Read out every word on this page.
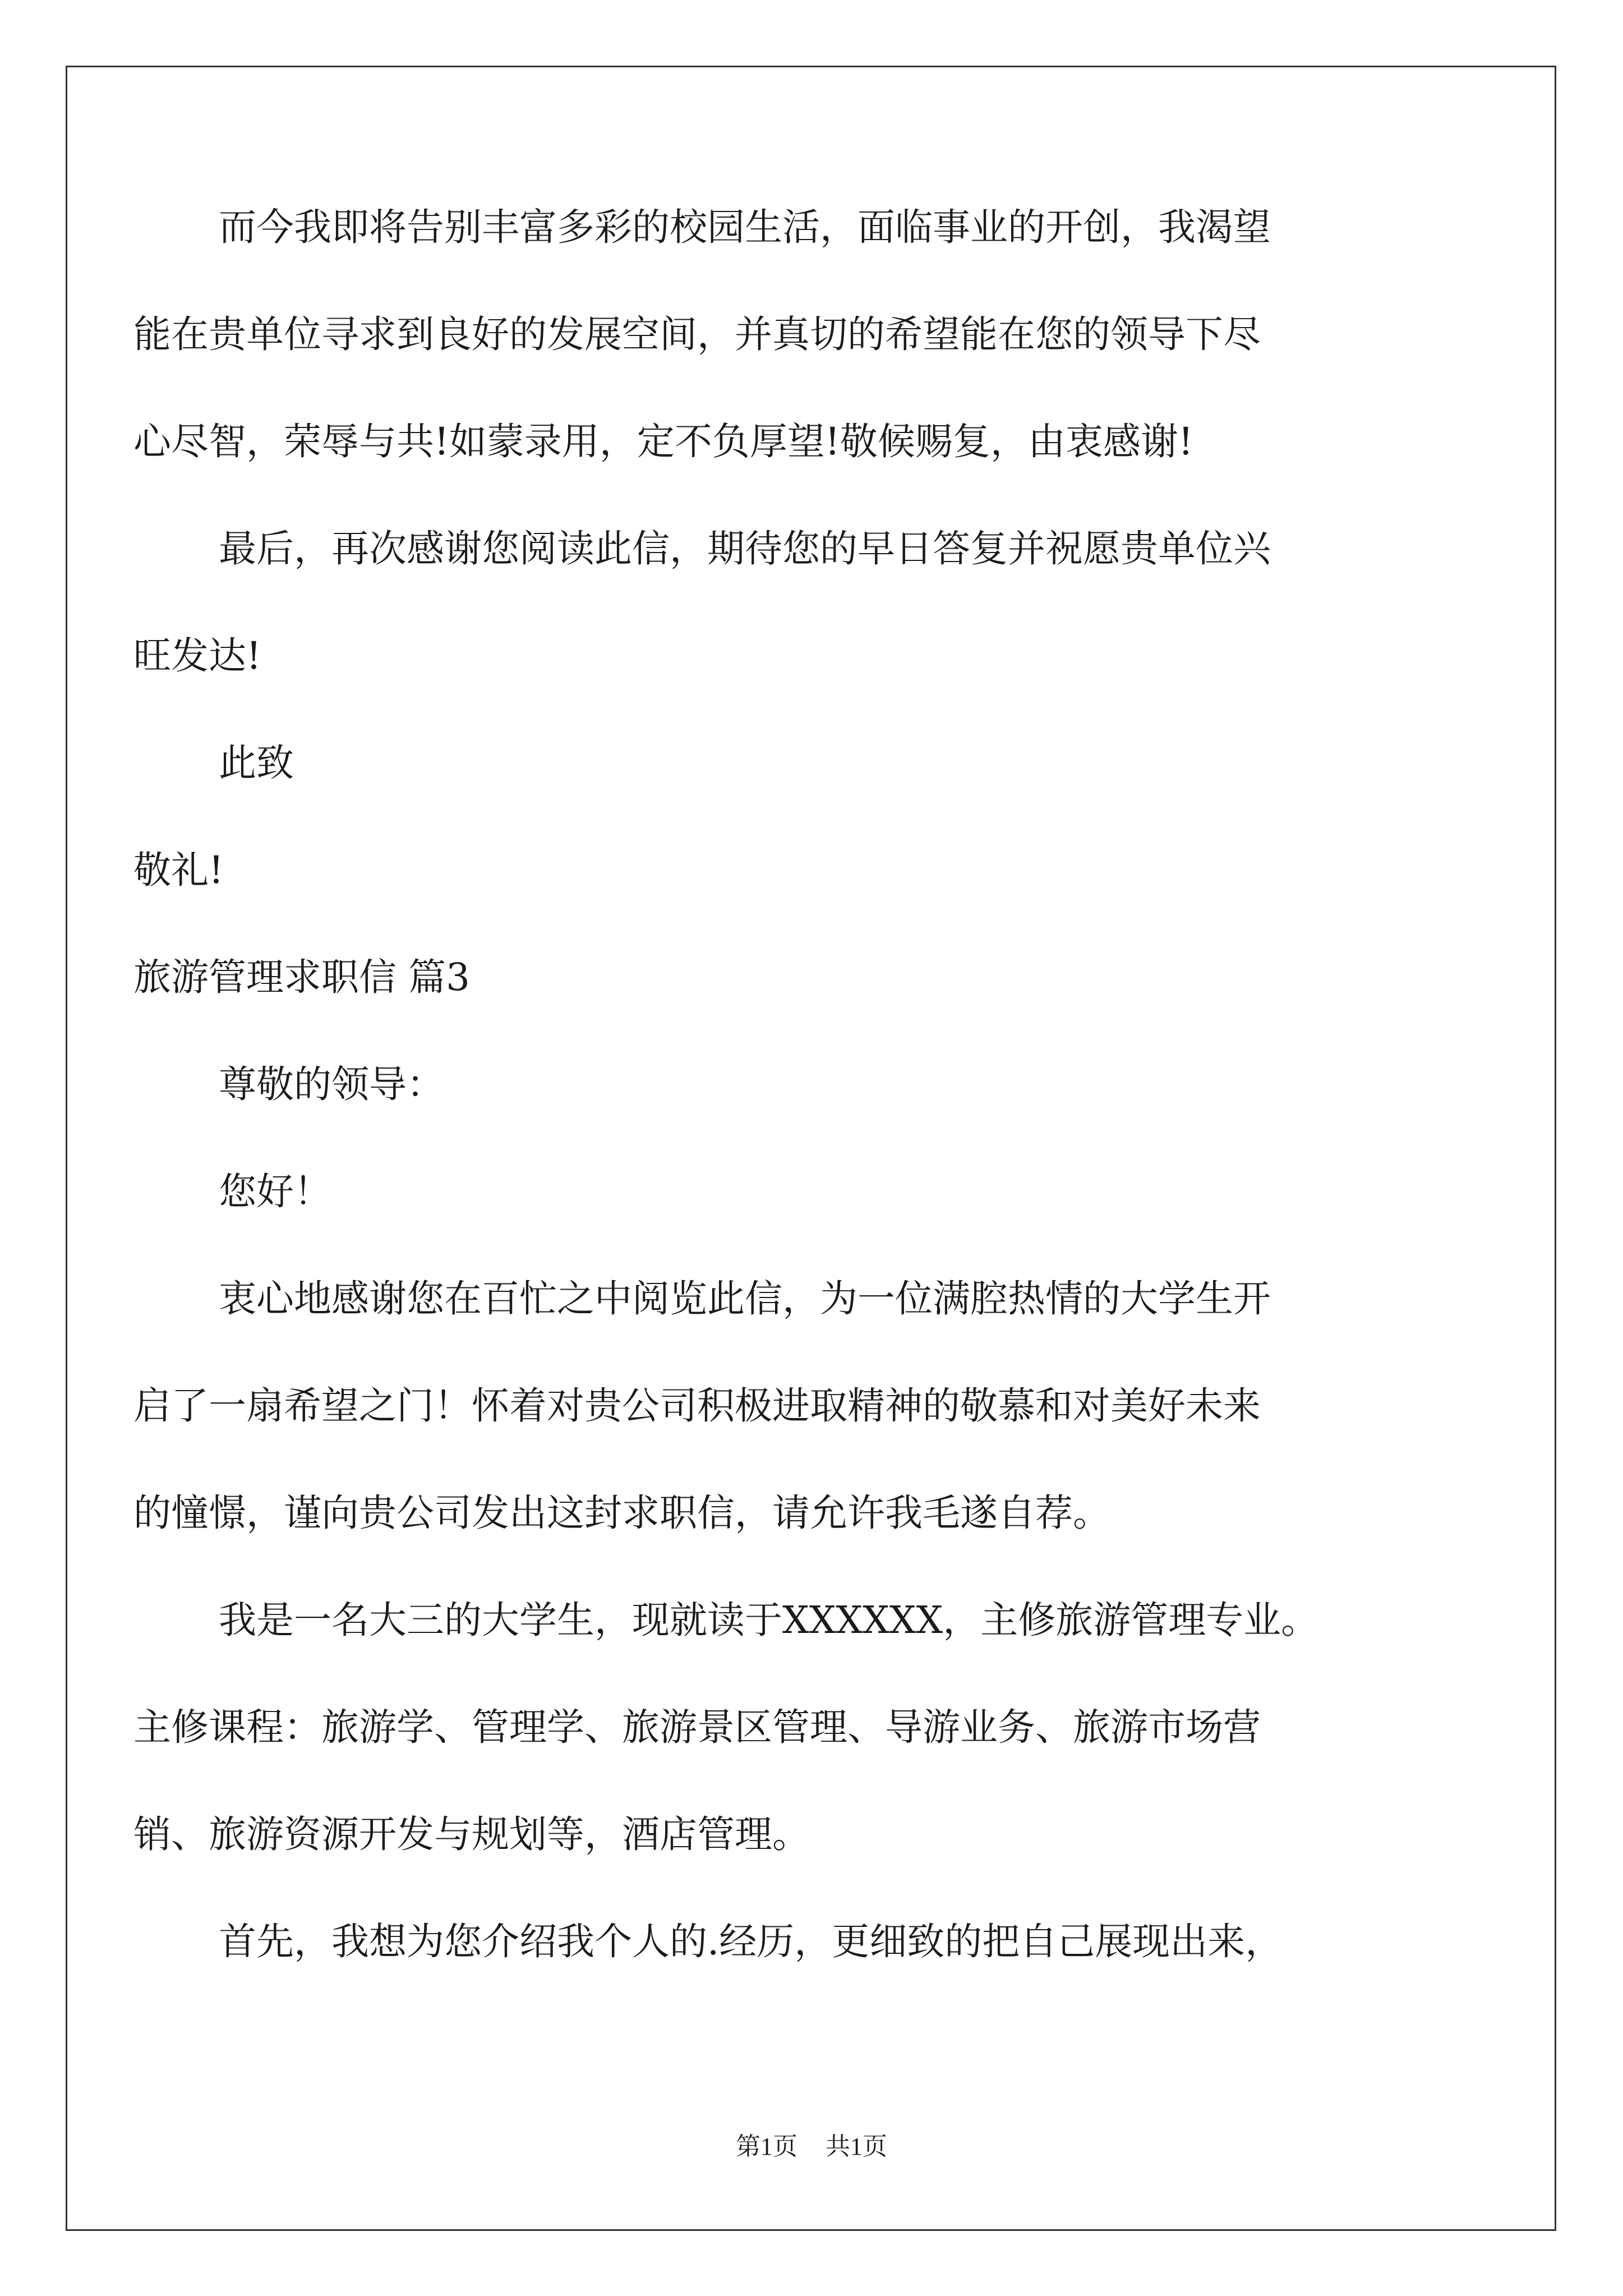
而今我即将告别丰富多彩的校园生活，面临事业的开创，我渴望
能在贵单位寻求到良好的发展空间，并真切的希望能在您的领导下尽
心尽智，荣辱与共!如蒙录用，定不负厚望!敬候赐复，由衷感谢!
最后，再次感谢您阅读此信，期待您的早日答复并祝愿贵单位兴
旺发达!
此致
敬礼!
旅游管理求职信 篇3
尊敬的领导：
您好！
衷心地感谢您在百忙之中阅览此信，为一位满腔热情的大学生开
启了一扇希望之门！怀着对贵公司积极进取精神的敬慕和对美好未来
的憧憬，谨向贵公司发出这封求职信，请允许我毛遂自荐。
我是一名大三的大学生，现就读于XXXXXX，主修旅游管理专业。
主修课程：旅游学、管理学、旅游景区管理、导游业务、旅游市场营
销、旅游资源开发与规划等，酒店管理。
首先，我想为您介绍我个人的.经历，更细致的把自己展现出来，
第1页 共1页
